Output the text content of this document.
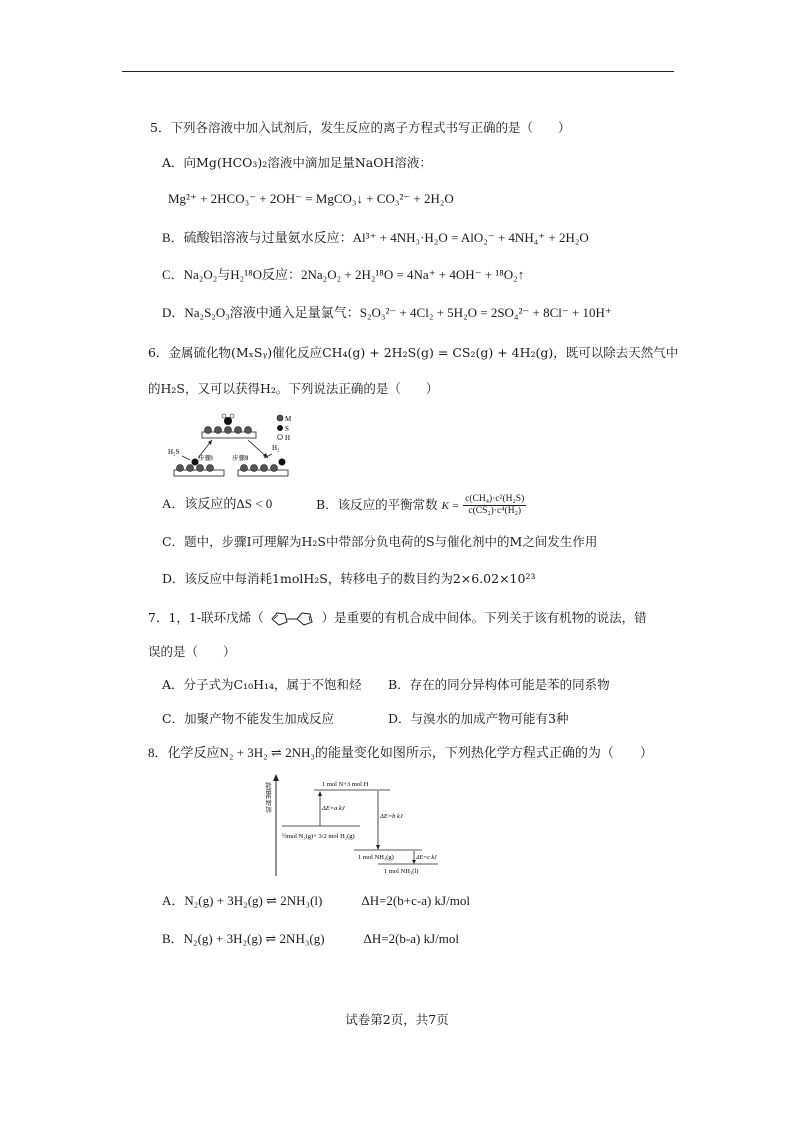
5．下列各溶液中加入试剂后，发生反应的离子方程式书写正确的是（　　）
A．向Mg(HCO₃)₂溶液中滴加足量NaOH溶液：
Mg²⁺ + 2HCO₃⁻ + 2OH⁻ = MgCO₃↓ + CO₃²⁻ + 2H₂O
B．硫酸铝溶液与过量氨水反应：Al³⁺ + 4NH₃·H₂O = AlO₂⁻ + 4NH₄⁺ + 2H₂O
C．Na₂O₂与H₂¹⁸O反应：2Na₂O₂ + 2H₂¹⁸O = 4Na⁺ + 4OH⁻ + ¹⁸O₂↑
D．Na₂S₂O₃溶液中通入足量氯气：S₂O₃²⁻ + 4Cl₂ + 5H₂O = 2SO₄²⁻ + 8Cl⁻ + 10H⁺
6．金属硫化物(MₓSᵧ)催化反应CH₄(g) + 2H₂S(g) = CS₂(g) + 4H₂(g)，既可以除去天然气中
的H₂S，又可以获得H₂。下列说法正确的是（　　）
H₂S	H₂
步骤Ⅰ	步骤Ⅱ
M
S
H
A．该反应的ΔS < 0	B．该反应的平衡常数 $K = \frac{\text{c(CH₄)·c²(H₂S)}}{\text{c(CS₂)·c⁴(H₂)}}$
C．题中，步骤Ⅰ可理解为H₂S中带部分负电荷的S与催化剂中的M之间发生作用
D．该反应中每消耗1molH₂S，转移电子的数目约为2×6.02×10²³
7．1，1-联环戊烯（	）是重要的有机合成中间体。下列关于该有机物的说法，错
误的是（　　）
A．分子式为C₁₀H₁₄，属于不饱和烃 B．存在的同分异构体可能是苯的同系物
C．加聚产物不能发生加成反应	D．与溴水的加成产物可能有3种
8．化学反应N₂ + 3H₂ ⇌ 2NH₃的能量变化如图所示，下列热化学方程式正确的为（　　）
能量E增加	1 mol N+3 mol H
½mol N₂(g)+ 3/2 mol H₂(g)
1 mol NH₃(g)
1 mol NH₃(l)
ΔE=a kJ
ΔE=b kJ
ΔE=c kJ
A．N₂(g) + 3H₂(g) ⇌ 2NH₃(l)　　　ΔH=2(b+c-a) kJ/mol
B．N₂(g) + 3H₂(g) ⇌ 2NH₃(g)　　　ΔH=2(b-a) kJ/mol
试卷第2页，共7页
